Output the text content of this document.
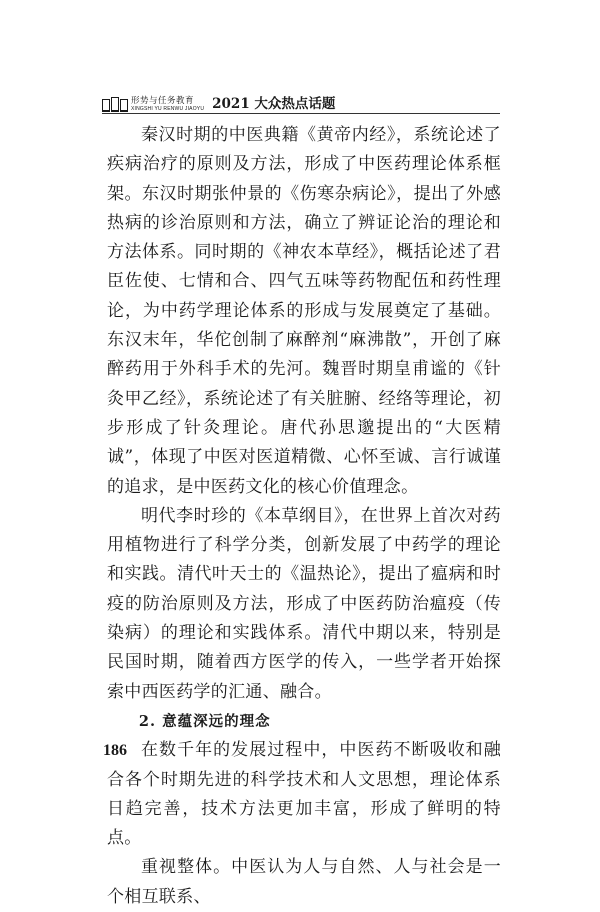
形势与任务教育
XINGSHI YU RENWU JIAOYU 2021 大众热点话题

秦汉时期的中医典籍《黄帝内经》，系统论述了疾病治疗的原则及方法，形成了中医药理论体系框架。东汉时期张仲景的《伤寒杂病论》，提出了外感热病的诊治原则和方法，确立了辨证论治的理论和方法体系。同时期的《神农本草经》，概括论述了君臣佐使、七情和合、四气五味等药物配伍和药性理论，为中药学理论体系的形成与发展奠定了基础。东汉末年，华佗创制了麻醉剂“麻沸散”，开创了麻醉药用于外科手术的先河。魏晋时期皇甫谧的《针灸甲乙经》，系统论述了有关脏腑、经络等理论，初步形成了针灸理论。唐代孙思邈提出的“大医精诚”，体现了中医对医道精微、心怀至诚、言行诚谨的追求，是中医药文化的核心价值理念。

明代李时珍的《本草纲目》，在世界上首次对药用植物进行了科学分类，创新发展了中药学的理论和实践。清代叶天士的《温热论》，提出了瘟病和时疫的防治原则及方法，形成了中医药防治瘟疫（传染病）的理论和实践体系。清代中期以来，特别是民国时期，随着西方医学的传入，一些学者开始探索中西医药学的汇通、融合。

2. 意蕴深远的理念

在数千年的发展过程中，中医药不断吸收和融合各个时期先进的科学技术和人文思想，理论体系日趋完善，技术方法更加丰富，形成了鲜明的特点。

重视整体。中医认为人与自然、人与社会是一个相互联系、

186
